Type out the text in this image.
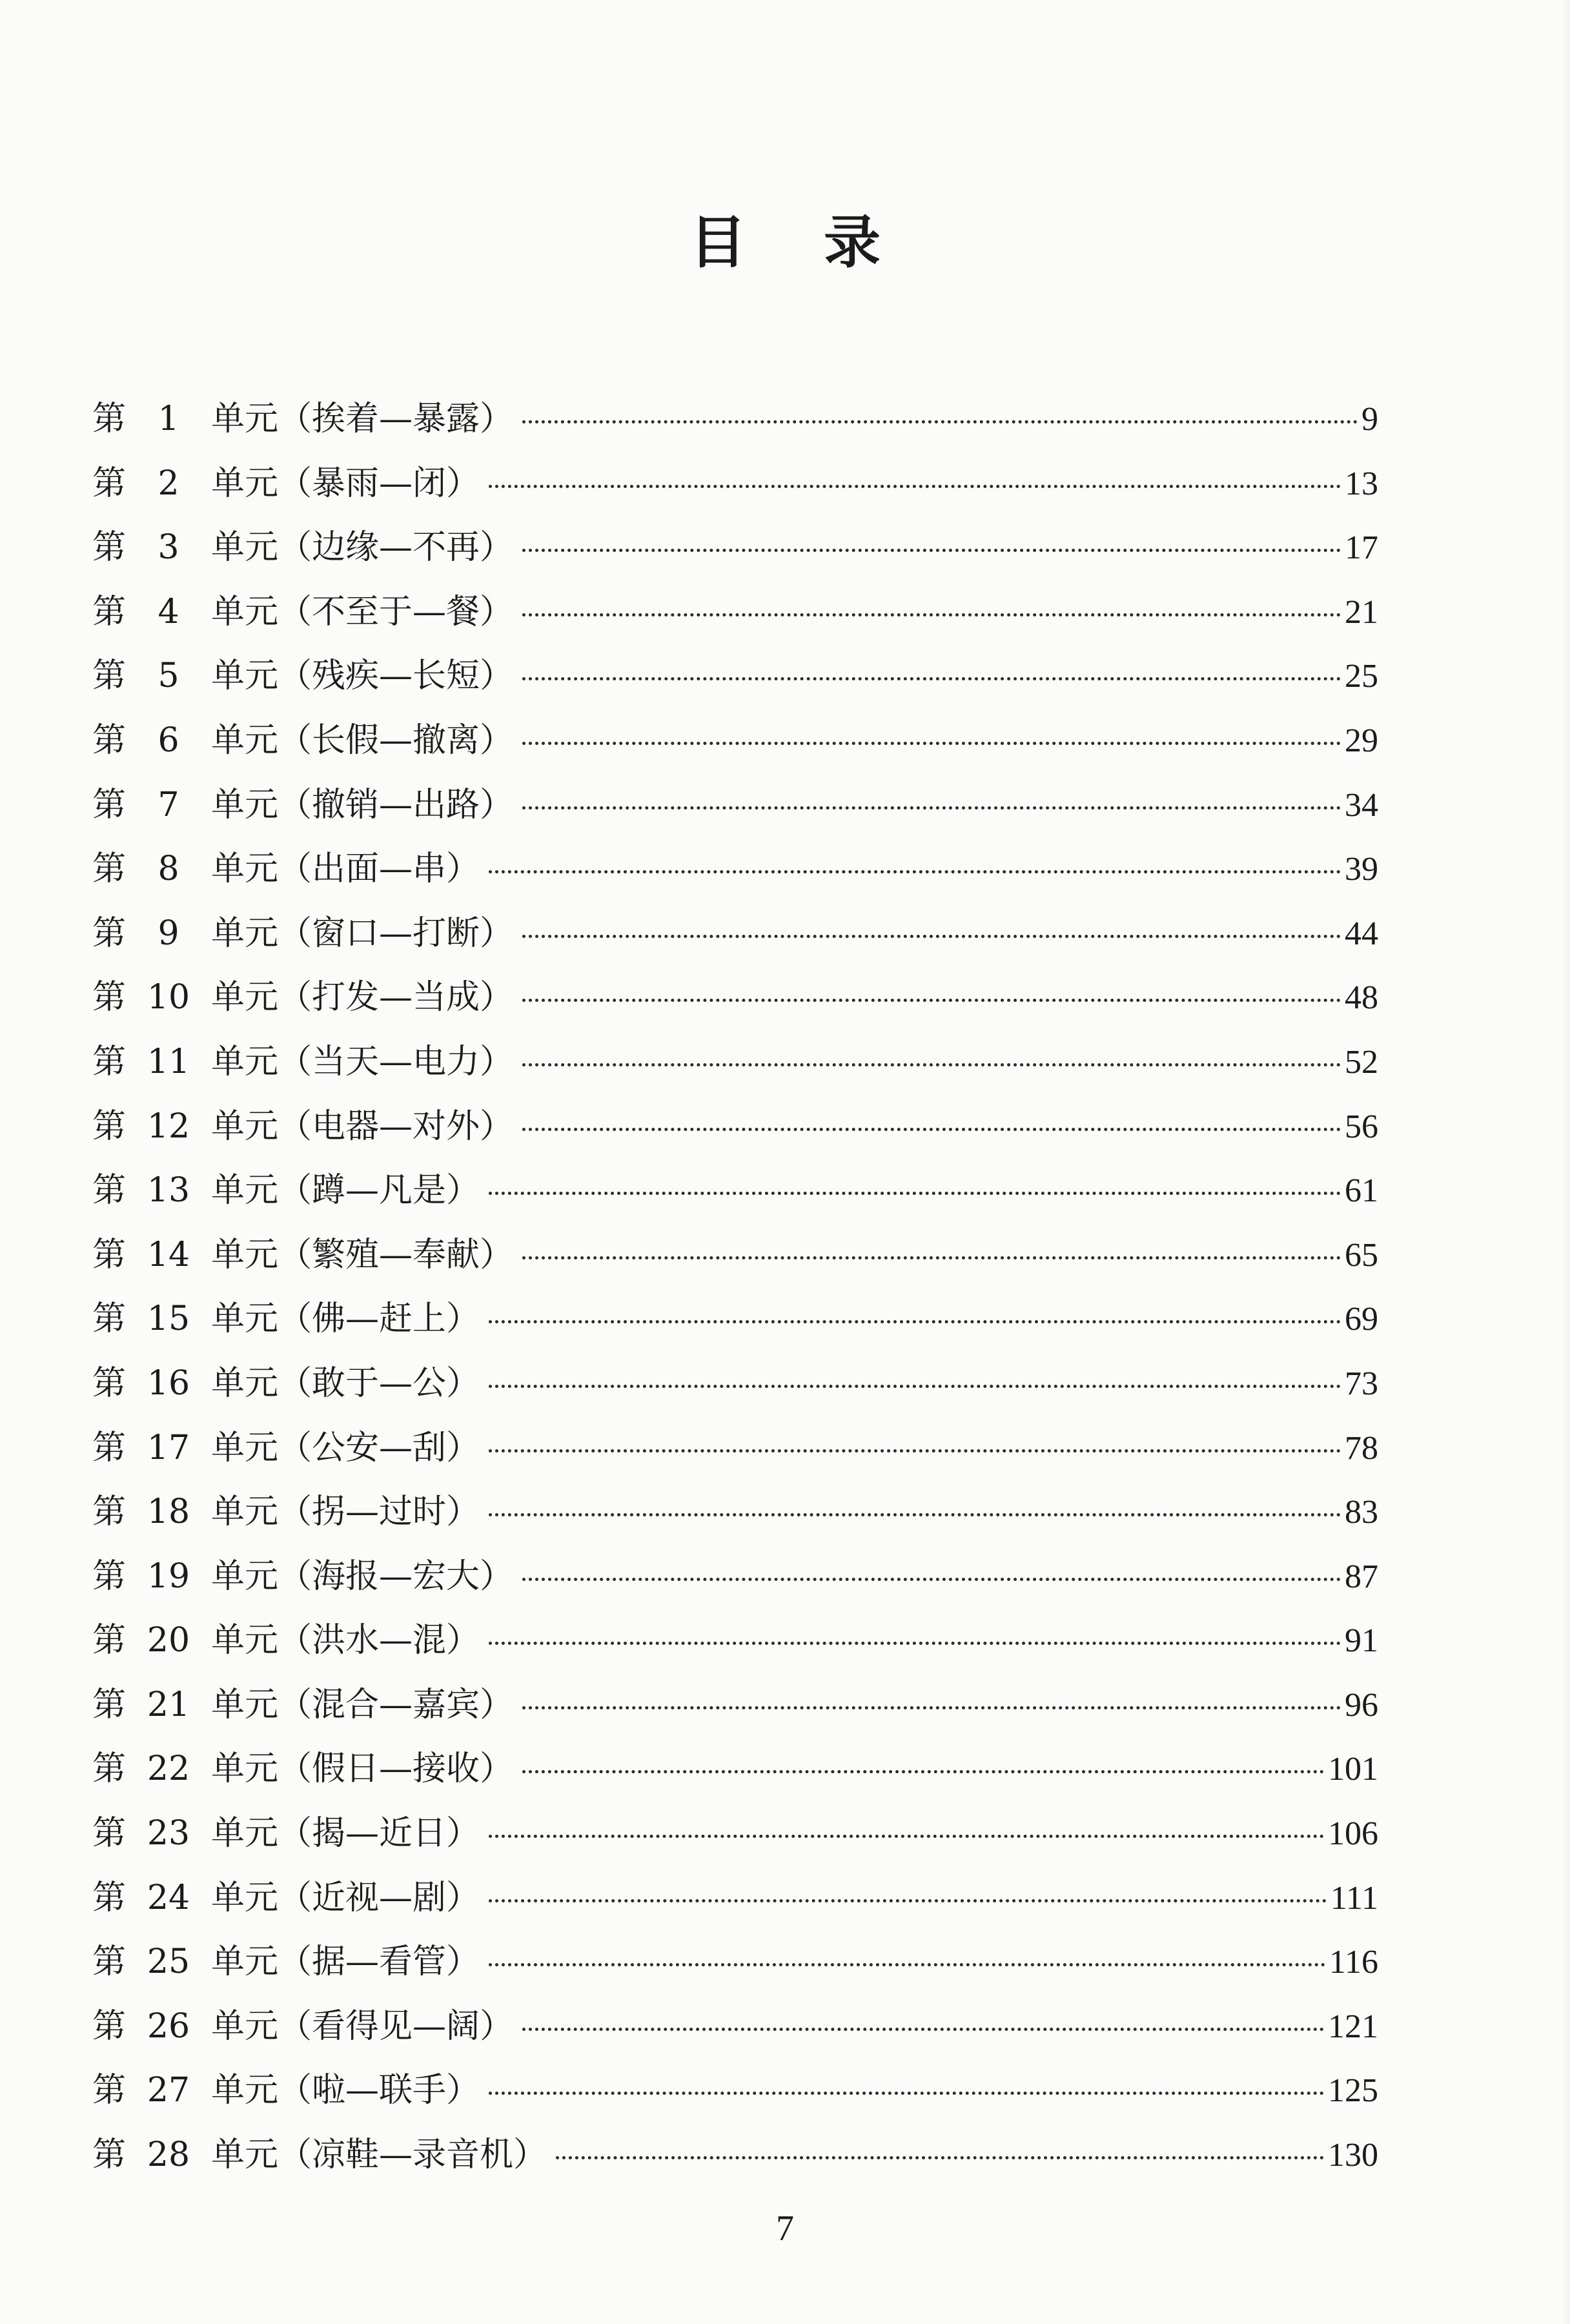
目 录
第 1 单元（挨着—暴露）	9
第 2 单元（暴雨—闭）	13
第 3 单元（边缘—不再）	17
第 4 单元（不至于—餐）	21
第 5 单元（残疾—长短）	25
第 6 单元（长假—撤离）	29
第 7 单元（撤销—出路）	34
第 8 单元（出面—串）	39
第 9 单元（窗口—打断）	44
第 10 单元（打发—当成）	48
第 11 单元（当天—电力）	52
第 12 单元（电器—对外）	56
第 13 单元（蹲—凡是）	61
第 14 单元（繁殖—奉献）	65
第 15 单元（佛—赶上）	69
第 16 单元（敢于—公）	73
第 17 单元（公安—刮）	78
第 18 单元（拐—过时）	83
第 19 单元（海报—宏大）	87
第 20 单元（洪水—混）	91
第 21 单元（混合—嘉宾）	96
第 22 单元（假日—接收）	101
第 23 单元（揭—近日）	106
第 24 单元（近视—剧）	111
第 25 单元（据—看管）	116
第 26 单元（看得见—阔）	121
第 27 单元（啦—联手）	125
第 28 单元（凉鞋—录音机）	130
7
